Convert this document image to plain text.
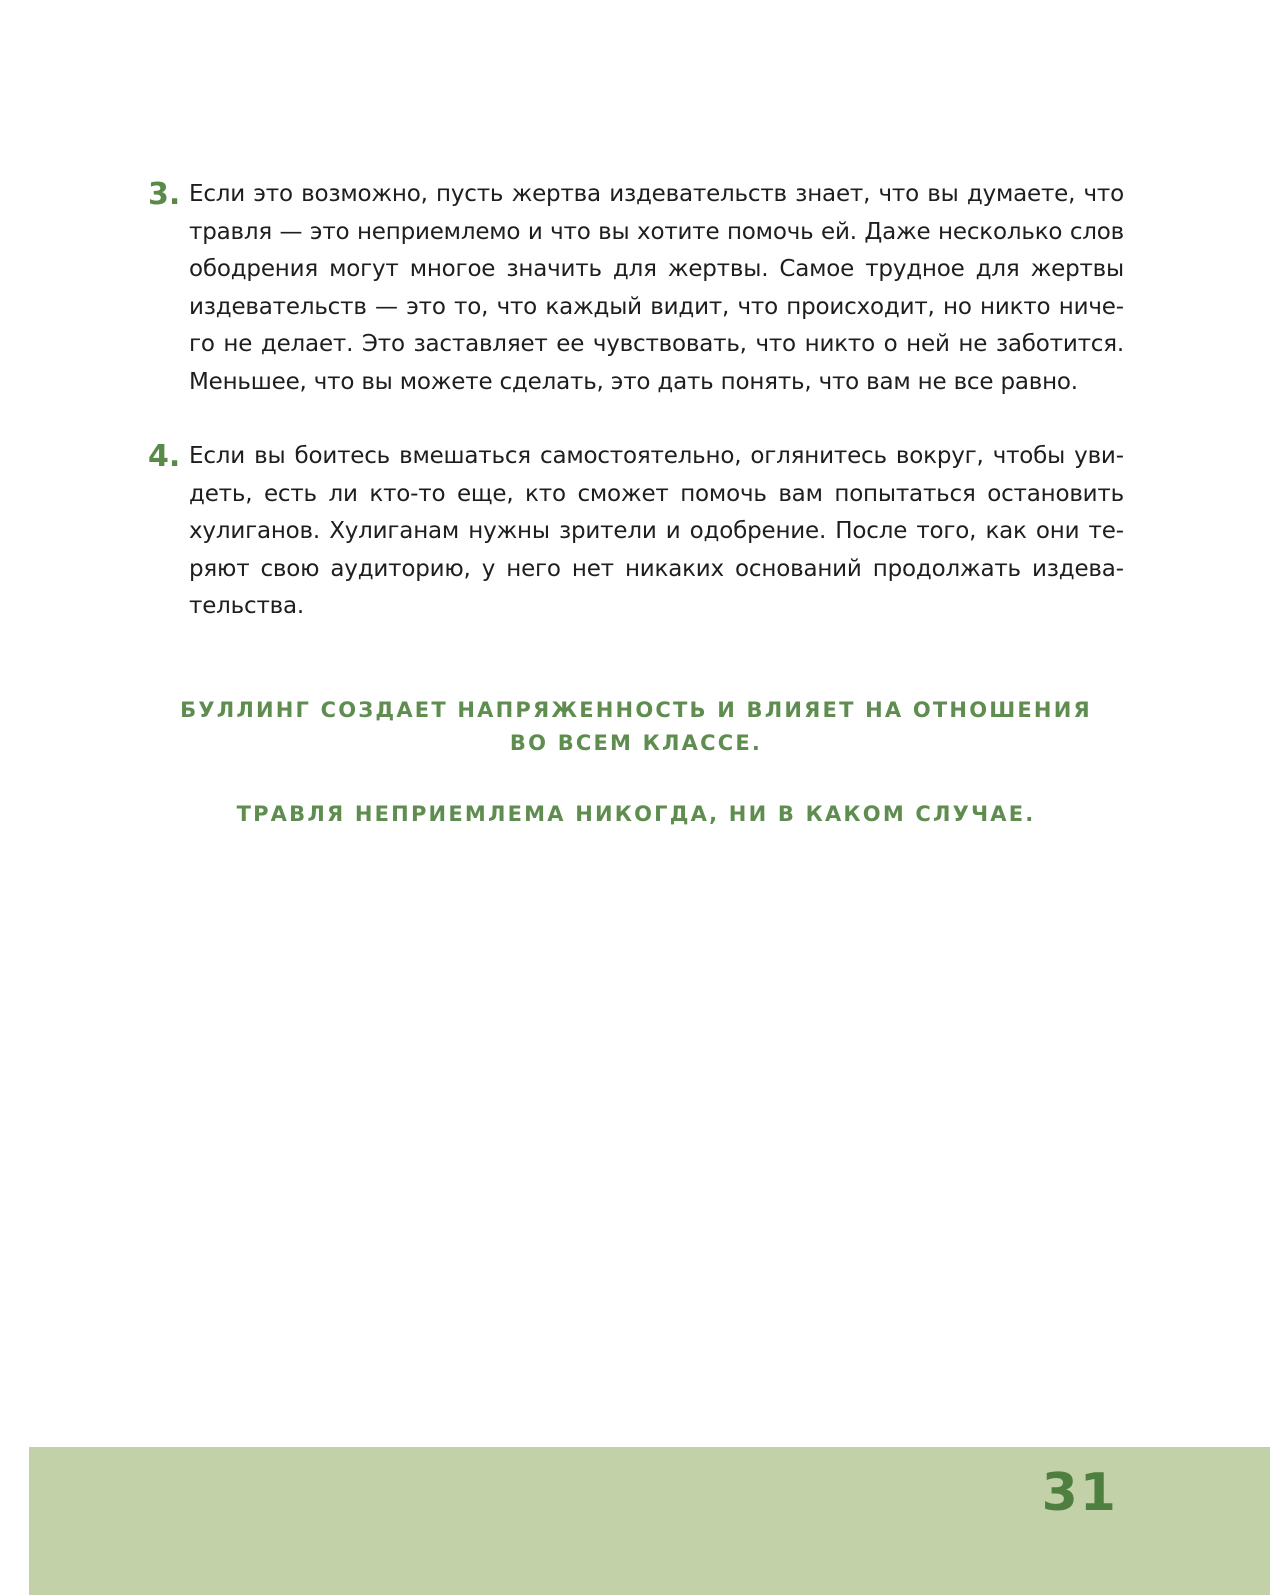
3. Если это возможно, пусть жертва издевательств знает, что вы думаете, что травля — это неприемлемо и что вы хотите помочь ей. Даже несколько слов ободрения могут многое значить для жертвы. Самое трудное для жертвы издевательств — это то, что каждый видит, что происходит, но никто ничего не делает. Это заставляет ее чувствовать, что никто о ней не заботится. Меньшее, что вы можете сделать, это дать понять, что вам не все равно.

4. Если вы боитесь вмешаться самостоятельно, оглянитесь вокруг, чтобы увидеть, есть ли кто-то еще, кто сможет помочь вам попытаться остановить хулиганов. Хулиганам нужны зрители и одобрение. После того, как они теряют свою аудиторию, у него нет никаких оснований продолжать издевательства.

БУЛЛИНГ СОЗДАЕТ НАПРЯЖЕННОСТЬ И ВЛИЯЕТ НА ОТНОШЕНИЯ
ВО ВСЕМ КЛАССЕ.
ТРАВЛЯ НЕПРИЕМЛЕМА НИКОГДА, НИ В КАКОМ СЛУЧАЕ.
31
